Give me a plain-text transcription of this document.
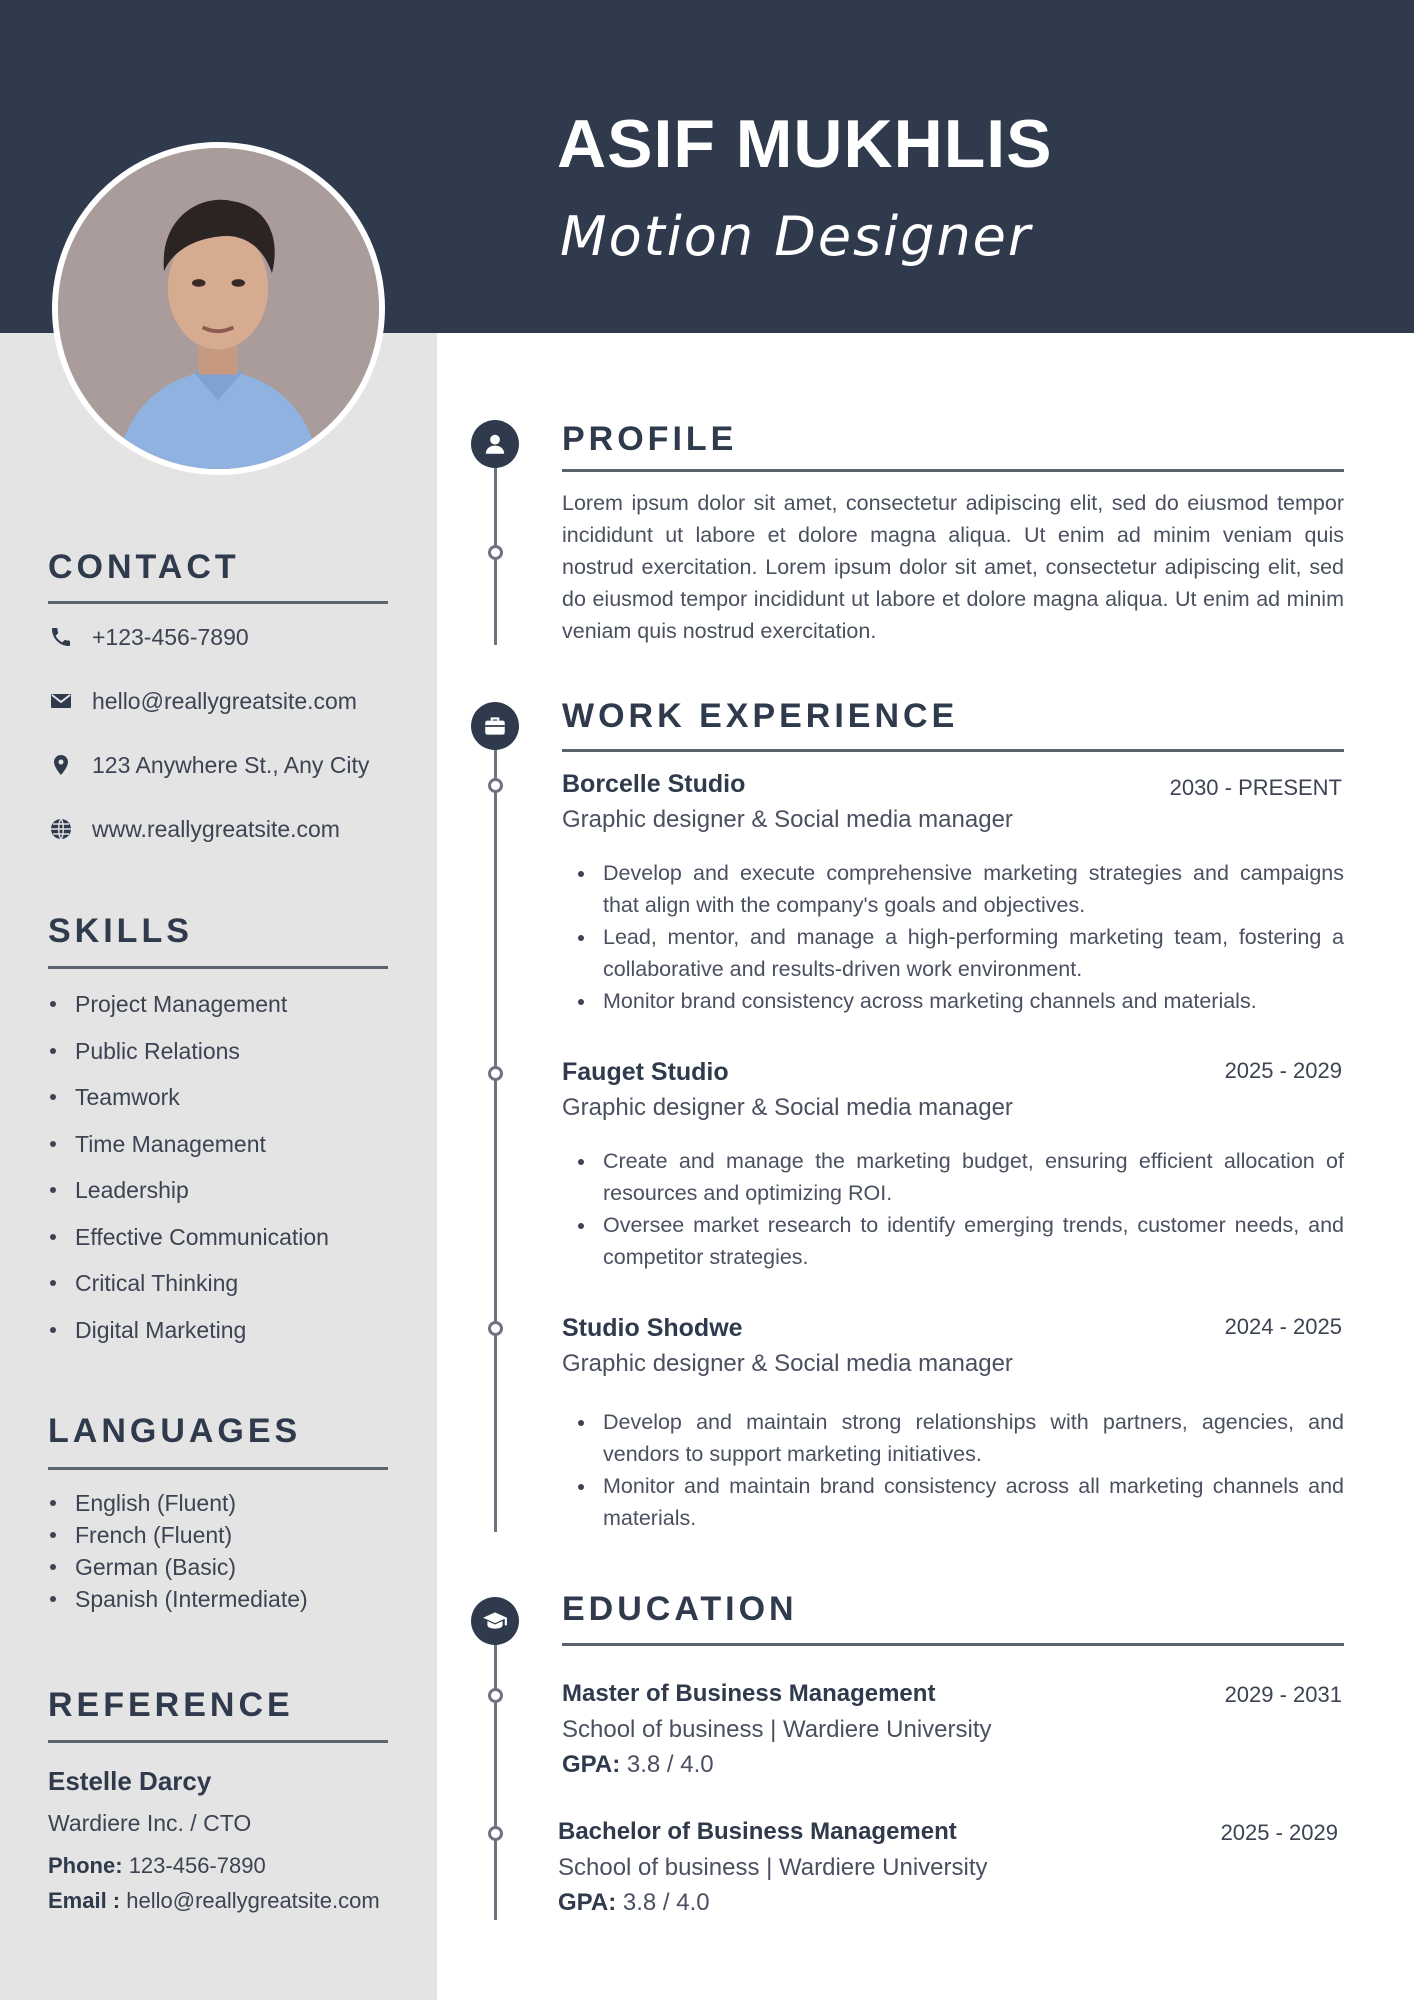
ASIF MUKHLIS
Motion Designer
CONTACT
+123-456-7890
hello@reallygreatsite.com
123 Anywhere St., Any City
www.reallygreatsite.com
SKILLS
Project Management
Public Relations
Teamwork
Time Management
Leadership
Effective Communication
Critical Thinking
Digital Marketing
LANGUAGES
English (Fluent)
French (Fluent)
German (Basic)
Spanish (Intermediate)
REFERENCE
Estelle Darcy
Wardiere Inc. / CTO
Phone: 123-456-7890
Email : hello@reallygreatsite.com
PROFILE
Lorem ipsum dolor sit amet, consectetur adipiscing elit, sed do eiusmod tempor incididunt ut labore et dolore magna aliqua. Ut enim ad minim veniam quis nostrud exercitation. Lorem ipsum dolor sit amet, consectetur adipiscing elit, sed do eiusmod tempor incididunt ut labore et dolore magna aliqua. Ut enim ad minim veniam quis nostrud exercitation.
WORK EXPERIENCE
Borcelle Studio	2030 - PRESENT
Graphic designer & Social media manager
Develop and execute comprehensive marketing strategies and campaigns that align with the company's goals and objectives.
Lead, mentor, and manage a high-performing marketing team, fostering a collaborative and results-driven work environment.
Monitor brand consistency across marketing channels and materials.
Fauget Studio	2025 - 2029
Graphic designer & Social media manager
Create and manage the marketing budget, ensuring efficient allocation of resources and optimizing ROI.
Oversee market research to identify emerging trends, customer needs, and competitor strategies.
Studio Shodwe	2024 - 2025
Graphic designer & Social media manager
Develop and maintain strong relationships with partners, agencies, and vendors to support marketing initiatives.
Monitor and maintain brand consistency across all marketing channels and materials.
EDUCATION
Master of Business Management	2029 - 2031
School of business | Wardiere University
GPA: 3.8 / 4.0
Bachelor of Business Management	2025 - 2029
School of business | Wardiere University
GPA: 3.8 / 4.0
